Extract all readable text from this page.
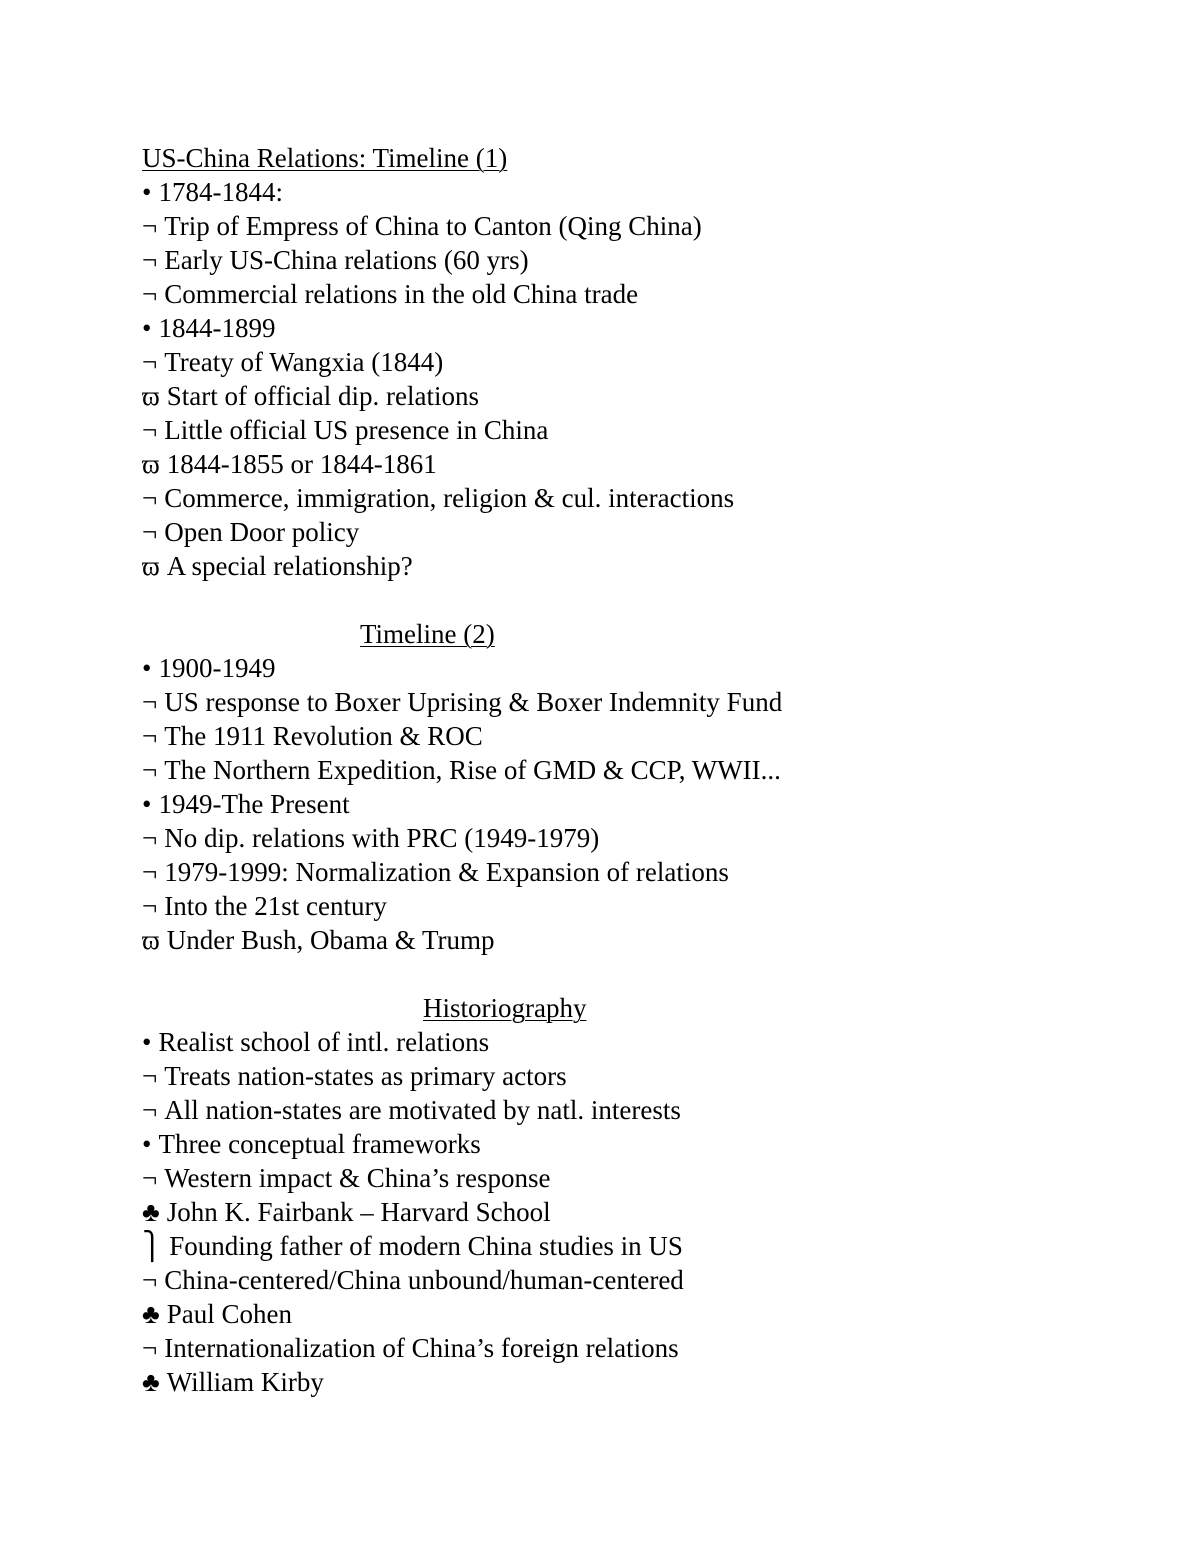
US-China Relations: Timeline (1)
• 1784-1844:
¬ Trip of Empress of China to Canton (Qing China)
¬ Early US-China relations (60 yrs)
¬ Commercial relations in the old China trade
• 1844-1899
¬ Treaty of Wangxia (1844)
ϖ Start of official dip. relations
¬ Little official US presence in China
ϖ 1844-1855 or 1844-1861
¬ Commerce, immigration, religion & cul. interactions
¬ Open Door policy
ϖ A special relationship?
Timeline (2)
• 1900-1949
¬ US response to Boxer Uprising & Boxer Indemnity Fund
¬ The 1911 Revolution & ROC
¬ The Northern Expedition, Rise of GMD & CCP, WWII...
• 1949-The Present
¬ No dip. relations with PRC (1949-1979)
¬ 1979-1999: Normalization & Expansion of relations
¬ Into the 21st century
ϖ Under Bush, Obama & Trump
Historiography
• Realist school of intl. relations
¬ Treats nation-states as primary actors
¬ All nation-states are motivated by natl. interests
• Three conceptual frameworks
¬ Western impact & China’s response
♣ John K. Fairbank – Harvard School
⎫ Founding father of modern China studies in US
¬ China-centered/China unbound/human-centered
♣ Paul Cohen
¬ Internationalization of China’s foreign relations
♣ William Kirby
